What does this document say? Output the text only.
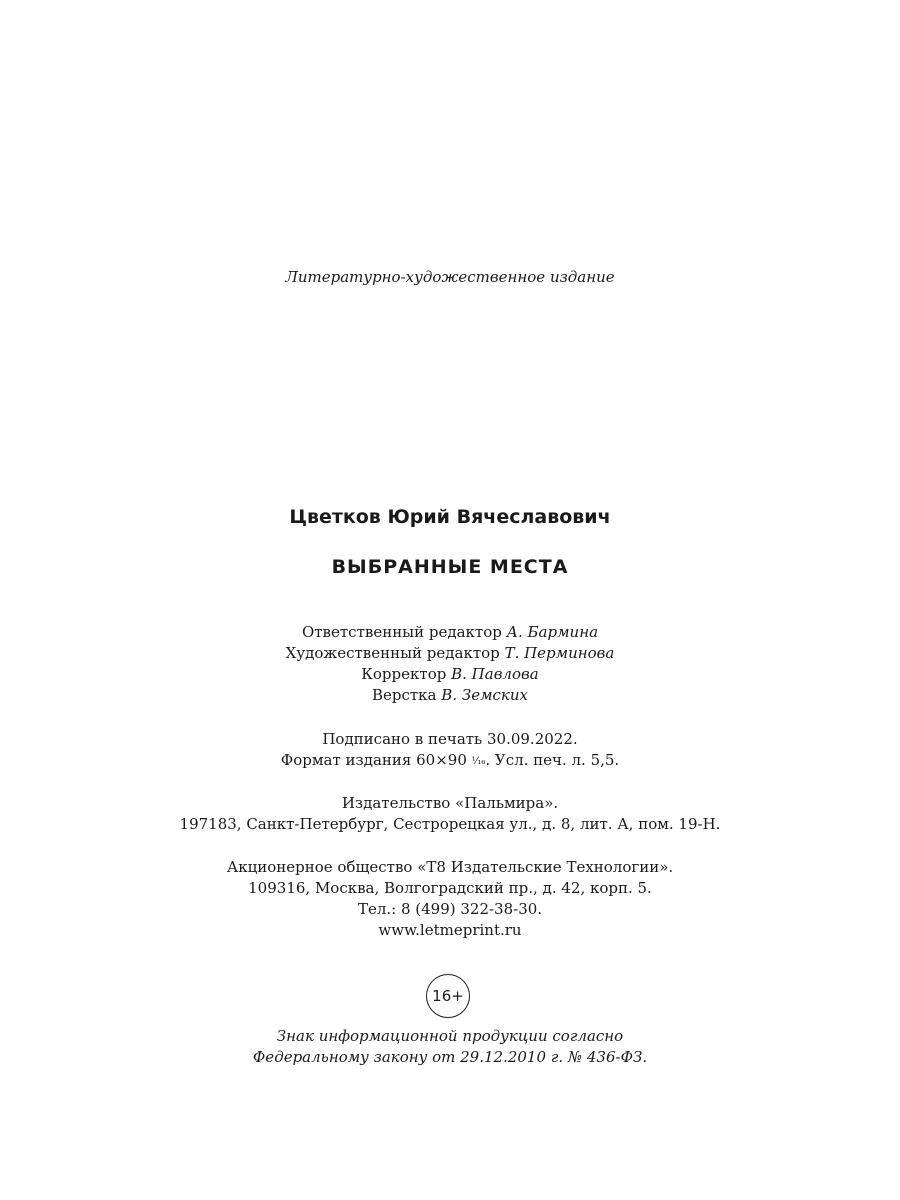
Литературно-художественное издание
Цветков Юрий Вячеславович
ВЫБРАННЫЕ МЕСТА
Ответственный редактор А. Бармина
Художественный редактор Т. Перминова
Корректор В. Павлова
Верстка В. Земских
Подписано в печать 30.09.2022.
Формат издания 60×90 ¹⁄₁₆. Усл. печ. л. 5,5.
Издательство «Пальмира».
197183, Санкт-Петербург, Сестрорецкая ул., д. 8, лит. А, пом. 19-Н.
Акционерное общество «Т8 Издательские Технологии».
109316, Москва, Волгоградский пр., д. 42, корп. 5.
Тел.: 8 (499) 322-38-30.
www.letmeprint.ru
16+
Знак информационной продукции согласно
Федеральному закону от 29.12.2010 г. № 436-ФЗ.
